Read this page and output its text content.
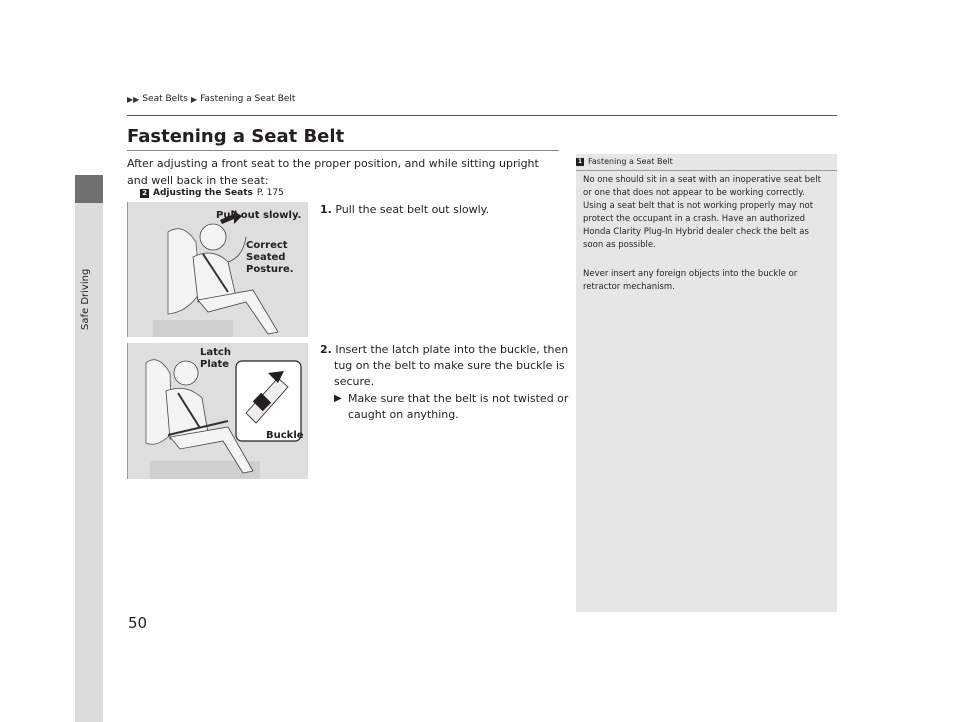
Safe Driving
▶▶ Seat Belts ▶ Fastening a Seat Belt
Fastening a Seat Belt

After adjusting a front seat to the proper position, and while sitting upright and well back in the seat:

2 Adjusting the Seats P. 175
Pull out slowly.
Correct
Seated
Posture.
Latch
Plate
Buckle
1. Pull the seat belt out slowly.
2. Insert the latch plate into the buckle, then tug on the belt to make sure the buckle is secure.
▶ Make sure that the belt is not twisted or caught on anything.
1 Fastening a Seat Belt

No one should sit in a seat with an inoperative seat belt or one that does not appear to be working correctly. Using a seat belt that is not working properly may not protect the occupant in a crash. Have an authorized Honda Clarity Plug-In Hybrid dealer check the belt as soon as possible.

Never insert any foreign objects into the buckle or retractor mechanism.

50
